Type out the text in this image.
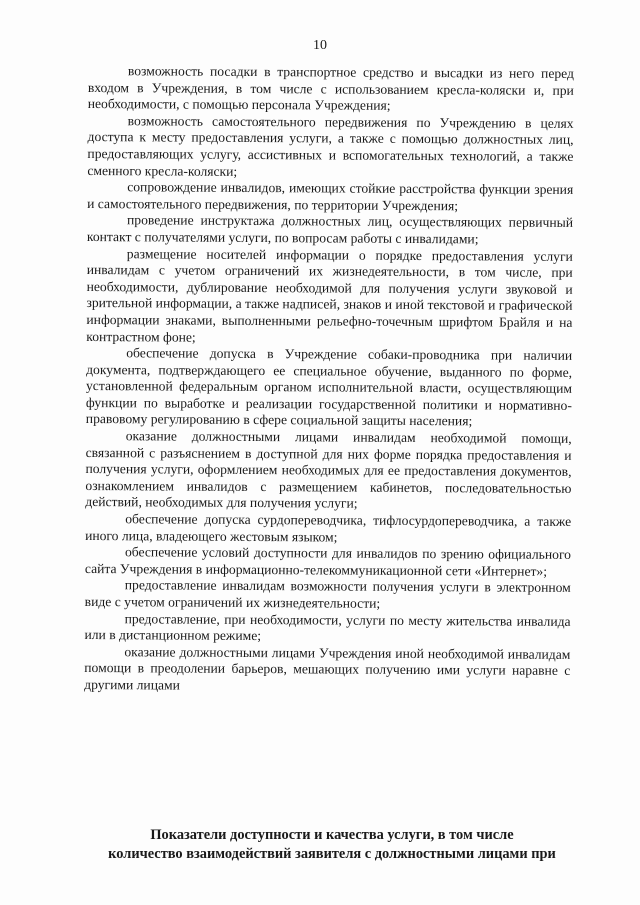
10

возможность посадки в транспортное средство и высадки из него перед входом в Учреждения, в том числе с использованием кресла-коляски и, при необходимости, с помощью персонала Учреждения;

возможность самостоятельного передвижения по Учреждению в целях доступа к месту предоставления услуги, а также с помощью должностных лиц, предоставляющих услугу, ассистивных и вспомогательных технологий, а также сменного кресла-коляски;

сопровождение инвалидов, имеющих стойкие расстройства функции зрения и самостоятельного передвижения, по территории Учреждения;

проведение инструктажа должностных лиц, осуществляющих первичный контакт с получателями услуги, по вопросам работы с инвалидами;

размещение носителей информации о порядке предоставления услуги инвалидам с учетом ограничений их жизнедеятельности, в том числе, при необходимости, дублирование необходимой для получения услуги звуковой и зрительной информации, а также надписей, знаков и иной текстовой и графической информации знаками, выполненными рельефно-точечным шрифтом Брайля и на контрастном фоне;

обеспечение допуска в Учреждение собаки-проводника при наличии документа, подтверждающего ее специальное обучение, выданного по форме, установленной федеральным органом исполнительной власти, осуществляющим функции по выработке и реализации государственной политики и нормативно-правовому регулированию в сфере социальной защиты населения;

оказание должностными лицами инвалидам необходимой помощи, связанной с разъяснением в доступной для них форме порядка предоставления и получения услуги, оформлением необходимых для ее предоставления документов, ознакомлением инвалидов с размещением кабинетов, последовательностью действий, необходимых для получения услуги;

обеспечение допуска сурдопереводчика, тифлосурдопереводчика, а также иного лица, владеющего жестовым языком;

обеспечение условий доступности для инвалидов по зрению официального сайта Учреждения в информационно-телекоммуникационной сети «Интернет»;

предоставление инвалидам возможности получения услуги в электронном виде с учетом ограничений их жизнедеятельности;

предоставление, при необходимости, услуги по месту жительства инвалида или в дистанционном режиме;

оказание должностными лицами Учреждения иной необходимой инвалидам помощи в преодолении барьеров, мешающих получению ими услуги наравне с другими лицами

Показатели доступности и качества услуги, в том числе
количество взаимодействий заявителя с должностными лицами при
